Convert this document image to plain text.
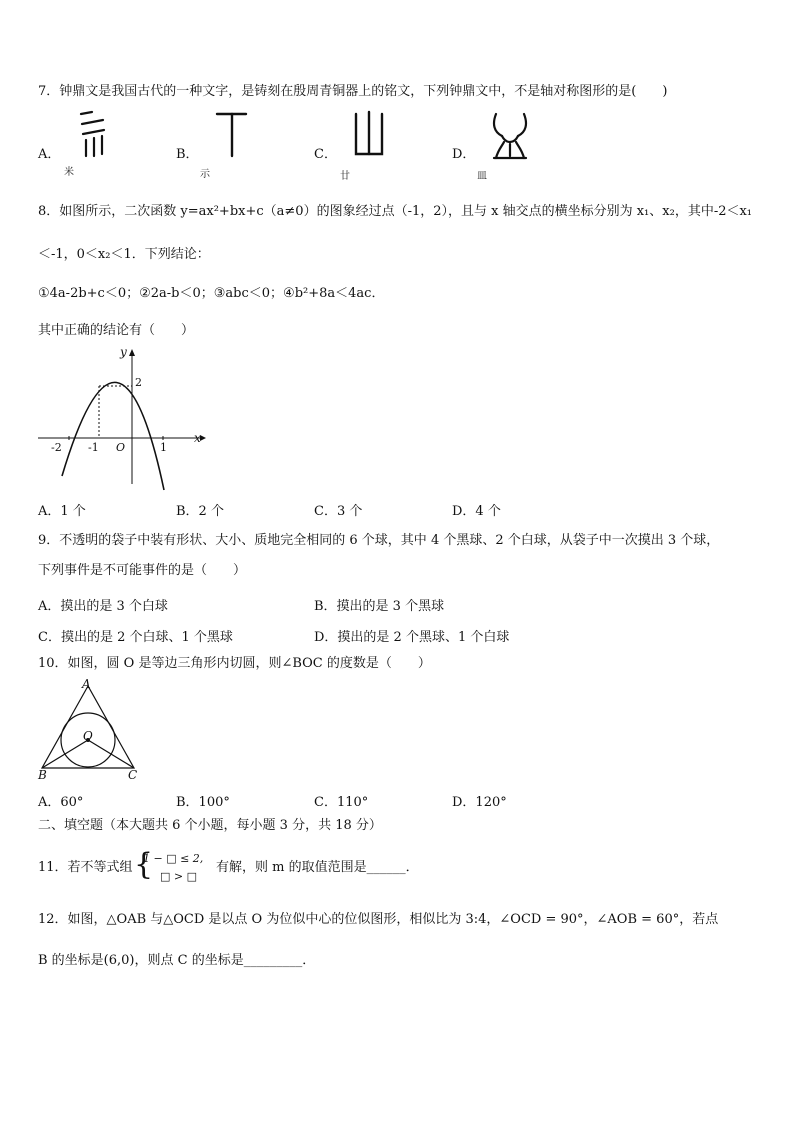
7．钟鼎文是我国古代的一种文字，是铸刻在殷周青铜器上的铭文，下列钟鼎文中，不是轴对称图形的是(　　)
A．
米
B．
示
C．
廿
D．
皿
8．如图所示，二次函数 y=ax²+bx+c（a≠0）的图象经过点（-1，2），且与 x 轴交点的横坐标分别为 x₁、x₂，其中-2＜x₁
＜-1，0＜x₂＜1．下列结论：
①4a-2b+c＜0；②2a-b＜0；③abc＜0；④b²+8a＜4ac．
其中正确的结论有（　　）
y
x
2
-2 -1 O	1
A．1 个	B．2 个	C．3 个	D．4 个
9．不透明的袋子中装有形状、大小、质地完全相同的 6 个球，其中 4 个黑球、2 个白球，从袋子中一次摸出 3 个球，
下列事件是不可能事件的是（　　）
A．摸出的是 3 个白球	B．摸出的是 3 个黑球
C．摸出的是 2 个白球、1 个黑球	D．摸出的是 2 个黑球、1 个白球
10．如图，圆 O 是等边三角形内切圆，则∠BOC 的度数是（　　）
A
B	C
O
A．60°	B．100°	C．110°	D．120°
二、填空题（本大题共 6 个小题，每小题 3 分，共 18 分）
11．若不等式组 {
1 − □ ≤ 2,
□ > □
有解，则 m 的取值范围是______．
12．如图，△OAB 与△OCD 是以点 O 为位似中心的位似图形，相似比为 3:4，∠OCD = 90°，∠AOB = 60°，若点
B 的坐标是(6,0)，则点 C 的坐标是_________．
